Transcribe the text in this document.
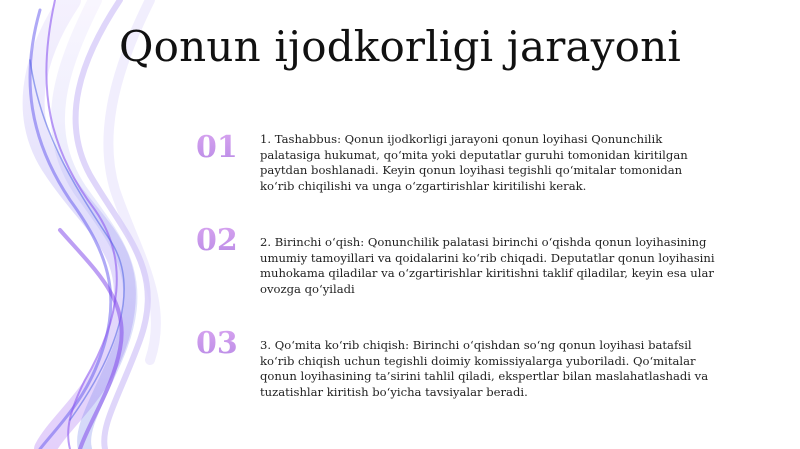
Qonun ijodkorligi jarayoni
01	1. Tashabbus: Qonun ijodkorligi jarayoni qonun loyihasi Qonunchilik palatasiga hukumat, qo‘mita yoki deputatlar guruhi tomonidan kiritilgan paytdan boshlanadi. Keyin qonun loyihasi tegishli qo‘mitalar tomonidan ko‘rib chiqilishi va unga o‘zgartirishlar kiritilishi kerak.
02	2. Birinchi o‘qish: Qonunchilik palatasi birinchi o‘qishda qonun loyihasining umumiy tamoyillari va qoidalarini ko‘rib chiqadi. Deputatlar qonun loyihasini muhokama qiladilar va o‘zgartirishlar kiritishni taklif qiladilar, keyin esa ular ovozga qo‘yiladi
03	3. Qo‘mita ko‘rib chiqish: Birinchi o‘qishdan so‘ng qonun loyihasi batafsil ko‘rib chiqish uchun tegishli doimiy komissiyalarga yuboriladi. Qo‘mitalar qonun loyihasining ta’sirini tahlil qiladi, ekspertlar bilan maslahatlashadi va tuzatishlar kiritish bo‘yicha tavsiyalar beradi.
